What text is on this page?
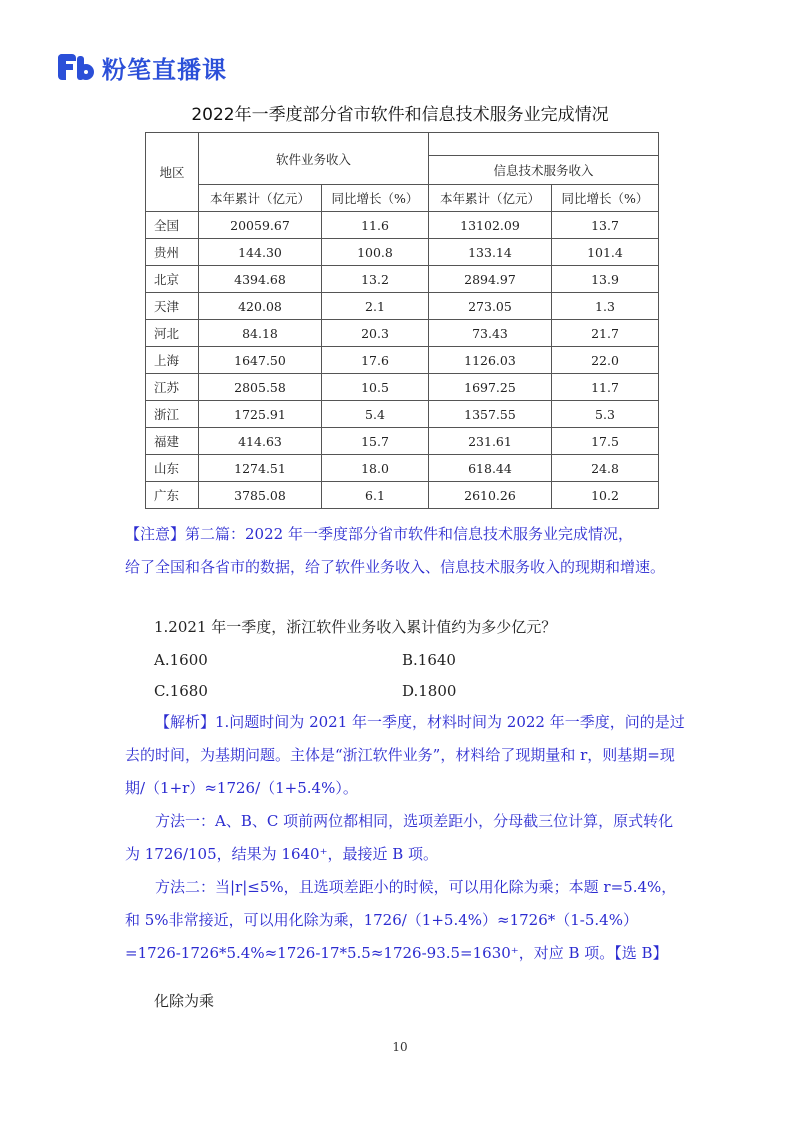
粉笔直播课
2022年一季度部分省市软件和信息技术服务业完成情况
地区	软件业务收入			
			信息技术服务收入	
	本年累计（亿元）	同比增长（%）	本年累计（亿元）	同比增长（%）
全国	20059.67	11.6	13102.09	13.7
贵州	144.30	100.8	133.14	101.4
北京	4394.68	13.2	2894.97	13.9
天津	420.08	2.1	273.05	1.3
河北	84.18	20.3	73.43	21.7
上海	1647.50	17.6	1126.03	22.0
江苏	2805.58	10.5	1697.25	11.7
浙江	1725.91	5.4	1357.55	5.3
福建	414.63	15.7	231.61	17.5
山东	1274.51	18.0	618.44	24.8
广东	3785.08	6.1	2610.26	10.2
【注意】第二篇：2022 年一季度部分省市软件和信息技术服务业完成情况，
给了全国和各省市的数据，给了软件业务收入、信息技术服务收入的现期和增速。
1.2021 年一季度，浙江软件业务收入累计值约为多少亿元？
A.1600	B.1640
C.1680	D.1800

【解析】1.问题时间为 2021 年一季度，材料时间为 2022 年一季度，问的是过去的时间，为基期问题。主体是“浙江软件业务”，材料给了现期量和 r，则基期=现期/（1+r）≈1726/（1+5.4%）。

方法一：A、B、C 项前两位都相同，选项差距小，分母截三位计算，原式转化为 1726/105，结果为 1640⁺，最接近 B 项。

方法二：当|r|≤5%，且选项差距小的时候，可以用化除为乘；本题 r=5.4%，和 5%非常接近，可以用化除为乘，1726/（1+5.4%）≈1726*（1-5.4%）=1726-1726*5.4%≈1726-17*5.5≈1726-93.5=1630⁺，对应 B 项。【选 B】

化除为乘
10
